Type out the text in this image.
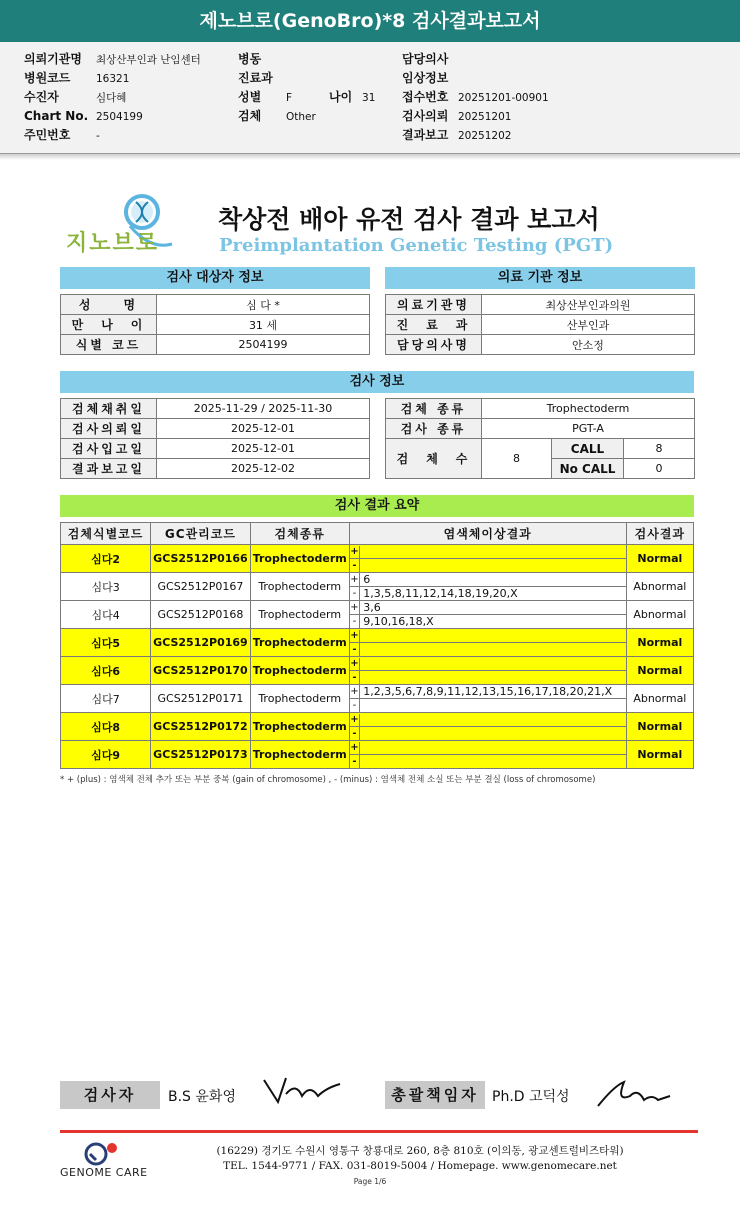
제노브로(GenoBro)*8 검사결과보고서
의뢰기관명 최상산부인과 난임센터
병원코드 16321
수진자	심다혜
Chart No. 2504199
주민번호 -
병동
진료과
성별 F
검체 Other
나이 31
담당의사
임상정보
접수번호 20251201-00901
검사의뢰 20251201
결과보고 20251202
지노브로
착상전 배아 유전 검사 결과 보고서
Preimplantation Genetic Testing (PGT)
검사 대상자 정보	의료 기관 정보
성　　명	심 다 *
만　나　이	31 세
식별 코드	2504199
의료기관명	최상산부인과의원
진　료　과	산부인과
담당의사명	안소정
검사 정보
검체채취일	2025-11-29 / 2025-11-30
검사의뢰일	2025-12-01
검사입고일	2025-12-01
결과보고일	2025-12-02
검체 종류	Trophectoderm		
검사 종류	PGT-A		
검　체　수	8	CALL	8
		No CALL	0
검사 결과 요약
검체식별코드	GC관리코드	검체종류	염색체이상결과	검사결과
심다2	GCS2512P0166	Trophectoderm	
+	
-	
	Normal
심다3	GCS2512P0167	Trophectoderm	
+	6
-	1,3,5,8,11,12,14,18,19,20,X
	Abnormal
심다4	GCS2512P0168	Trophectoderm	
+	3,6
-	9,10,16,18,X
	Abnormal
심다5	GCS2512P0169	Trophectoderm	
+	
-	
	Normal
심다6	GCS2512P0170	Trophectoderm	
+	
-	
	Normal
심다7	GCS2512P0171	Trophectoderm	
+	1,2,3,5,6,7,8,9,11,12,13,15,16,17,18,20,21,X
-	
	Abnormal
심다8	GCS2512P0172	Trophectoderm	
+	
-	
	Normal
심다9	GCS2512P0173	Trophectoderm	
+	
-	
	Normal
* + (plus) : 염색체 전체 추가 또는 부분 중복 (gain of chromosome) , - (minus) : 염색체 전체 소실 또는 부분 결실 (loss of chromosome)
검사자	B.S 윤화영	총괄책임자 Ph.D 고덕성
GENOME CARE
(16229) 경기도 수원시 영통구 창룡대로 260, 8층 810호 (이의동, 광교센트럴비즈타워)
TEL. 1544-9771 / FAX. 031-8019-5004 / Homepage. www.genomecare.net
Page 1/6
